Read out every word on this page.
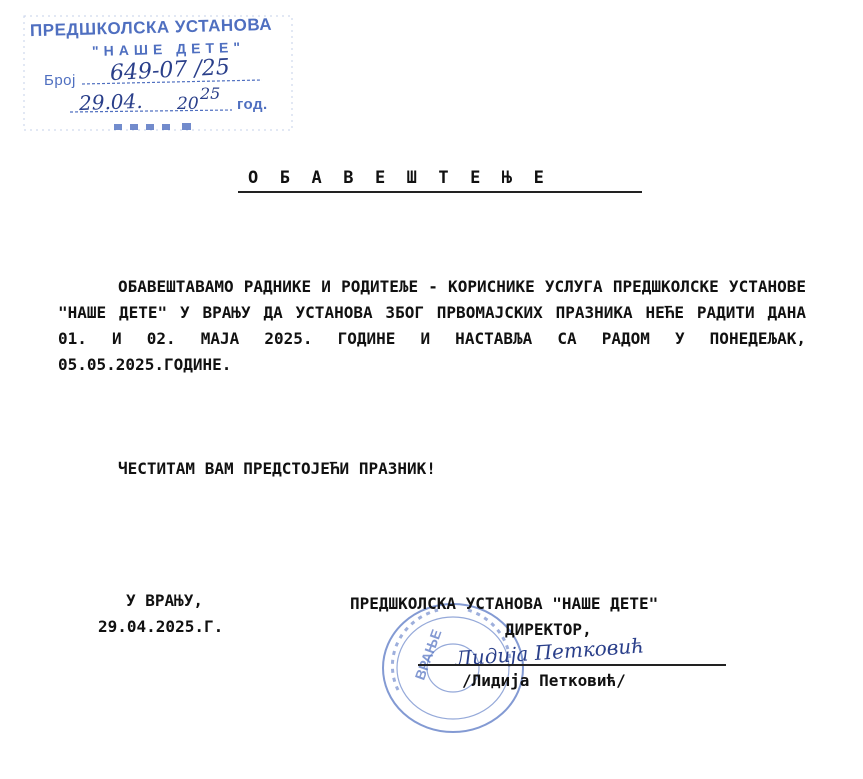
ПРЕДШКОЛСКА УСТАНОВА
"НАШЕ ДЕТЕ"
Број
год.
649-07 /25
29.04. 20
25
ОБАВЕШТЕЊЕ
ОБАВЕШТАВАМО РАДНИКЕ И РОДИТЕЉЕ - КОРИСНИКЕ УСЛУГА ПРЕДШКОЛСКЕ УСТАНОВЕ "НАШЕ ДЕТЕ" У ВРАЊУ ДА УСТАНОВА ЗБОГ ПРВОМАЈСКИХ ПРАЗНИКА НЕЋЕ РАДИТИ ДАНА 01. И 02. МАЈА 2025. ГОДИНЕ И НАСТАВЉА СА РАДОМ У ПОНЕДЕЉАК, 05.05.2025.ГОДИНЕ.
ЧЕСТИТАМ ВАМ ПРЕДСТОЈЕЋИ ПРАЗНИК!
У ВРАЊУ,
29.04.2025.Г.
ВРАЊЕ
ПРЕДШКОЛСКА УСТАНОВА "НАШЕ ДЕТЕ"
ДИРЕКТОР,
Лидија Петковић
/Лидија Петковић/
